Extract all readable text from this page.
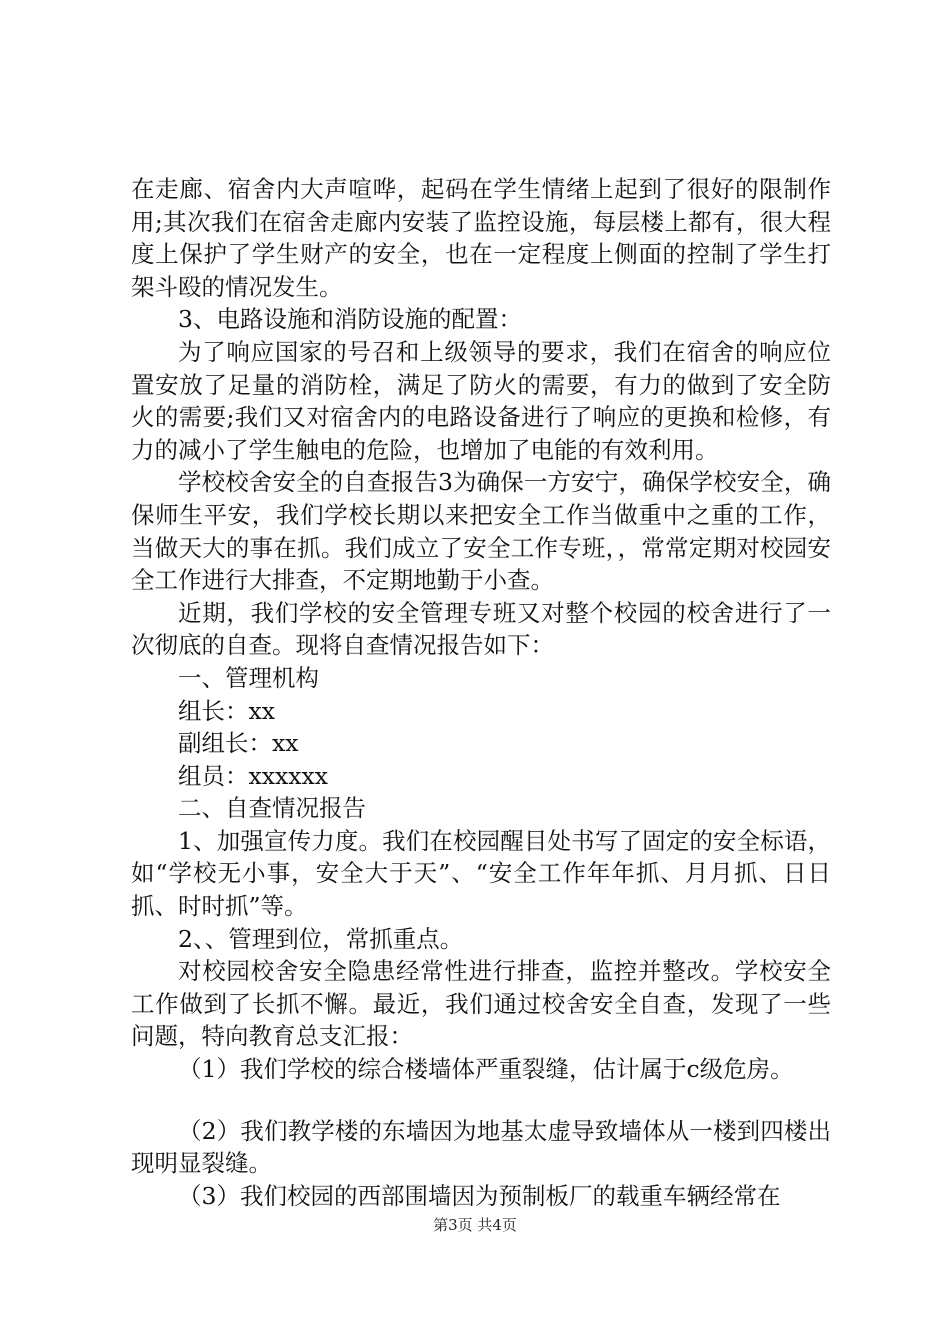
在走廊、宿舍内大声喧哗，起码在学生情绪上起到了很好的限制作用;其次我们在宿舍走廊内安装了监控设施，每层楼上都有，很大程度上保护了学生财产的安全，也在一定程度上侧面的控制了学生打架斗殴的情况发生。

3、电路设施和消防设施的配置：

为了响应国家的号召和上级领导的要求，我们在宿舍的响应位置安放了足量的消防栓，满足了防火的需要，有力的做到了安全防火的需要;我们又对宿舍内的电路设备进行了响应的更换和检修，有力的减小了学生触电的危险，也增加了电能的有效利用。

学校校舍安全的自查报告3为确保一方安宁，确保学校安全，确保师生平安，我们学校长期以来把安全工作当做重中之重的工作，当做天大的事在抓。我们成立了安全工作专班，，常常定期对校园安全工作进行大排查，不定期地勤于小查。

近期，我们学校的安全管理专班又对整个校园的校舍进行了一次彻底的自查。现将自查情况报告如下：

一、管理机构

组长：xx

副组长：xx

组员：xxxxxx

二、自查情况报告

1、加强宣传力度。我们在校园醒目处书写了固定的安全标语，如“学校无小事，安全大于天”、“安全工作年年抓、月月抓、日日抓、时时抓”等。

2、、管理到位，常抓重点。

对校园校舍安全隐患经常性进行排查，监控并整改。学校安全工作做到了长抓不懈。最近，我们通过校舍安全自查，发现了一些问题，特向教育总支汇报：

（1）我们学校的综合楼墙体严重裂缝，估计属于c级危房。

（2）我们教学楼的东墙因为地基太虚导致墙体从一楼到四楼出现明显裂缝。

（3）我们校园的西部围墙因为预制板厂的载重车辆经常在

第3页 共4页
